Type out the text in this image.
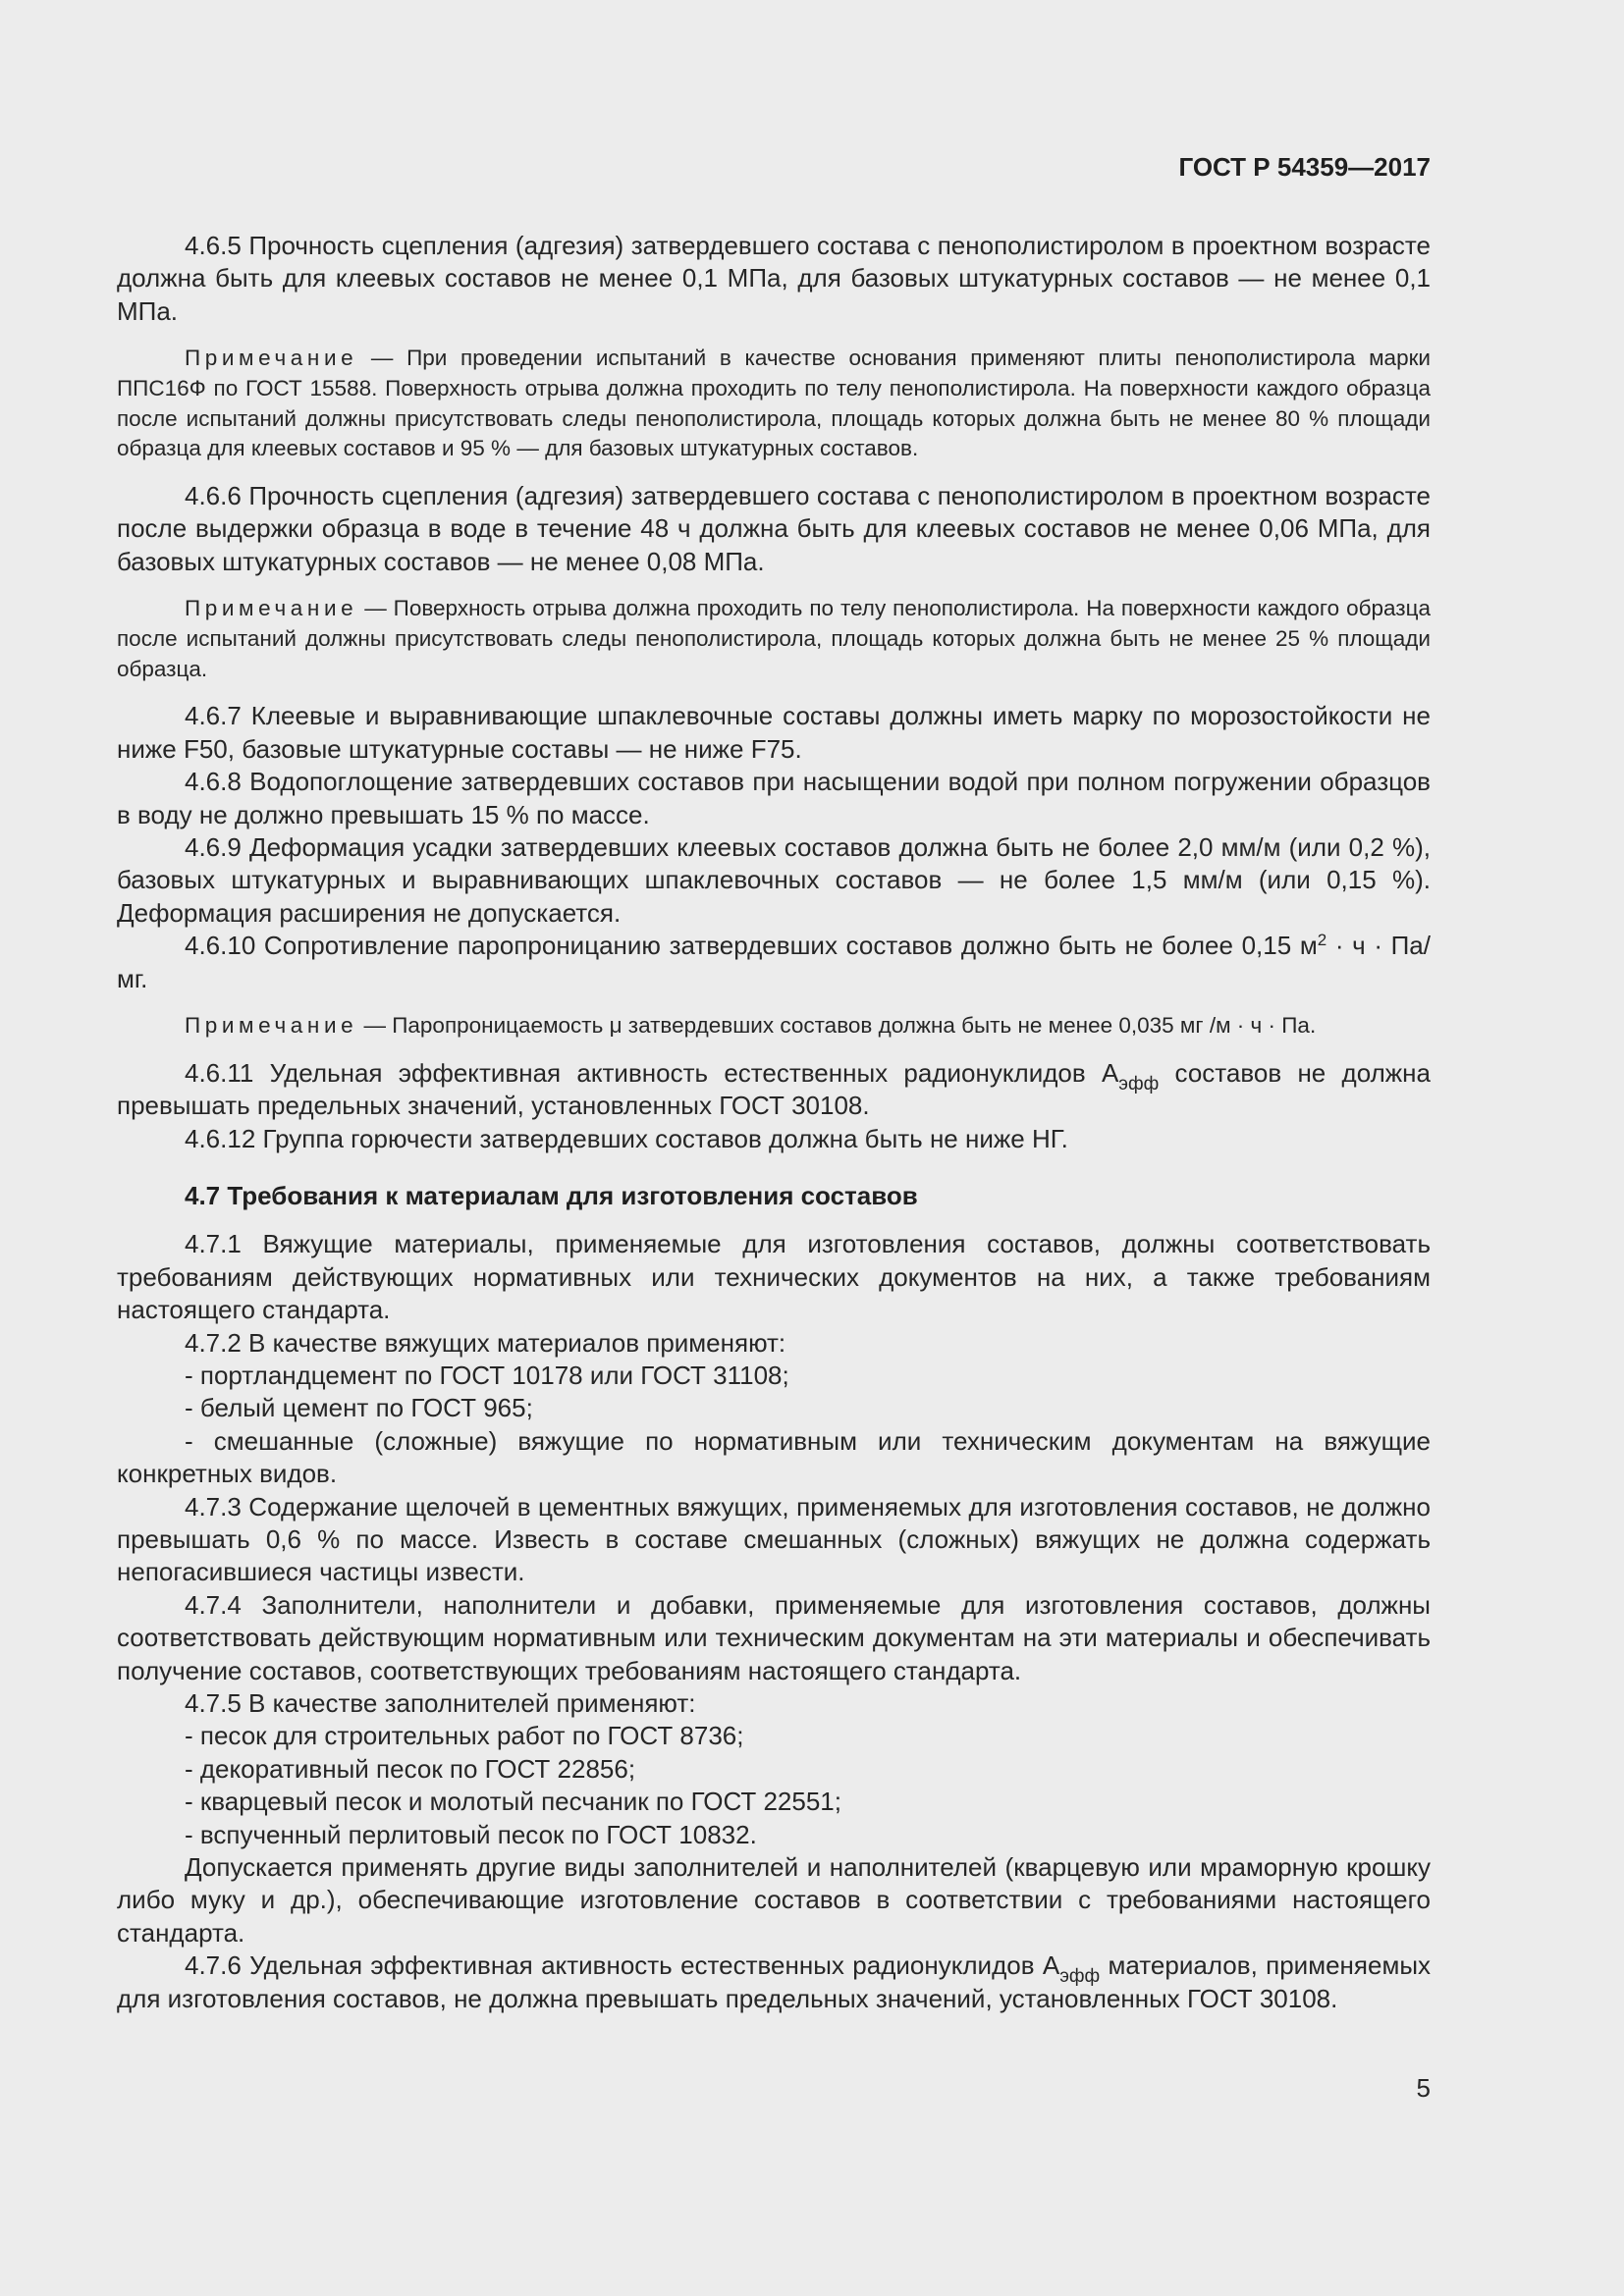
ГОСТ Р 54359—2017

4.6.5 Прочность сцепления (адгезия) затвердевшего состава с пенополистиролом в проектном возрасте должна быть для клеевых составов не менее 0,1 МПа, для базовых штукатурных составов — не менее 0,1 МПа.

Примечание — При проведении испытаний в качестве основания применяют плиты пенополистирола марки ППС16Ф по ГОСТ 15588. Поверхность отрыва должна проходить по телу пенополистирола. На поверхности каждого образца после испытаний должны присутствовать следы пенополистирола, площадь которых должна быть не менее 80 % площади образца для клеевых составов и 95 % — для базовых штукатурных составов.

4.6.6 Прочность сцепления (адгезия) затвердевшего состава с пенополистиролом в проектном возрасте после выдержки образца в воде в течение 48 ч должна быть для клеевых составов не менее 0,06 МПа, для базовых штукатурных составов — не менее 0,08 МПа.

Примечание — Поверхность отрыва должна проходить по телу пенополистирола. На поверхности каждого образца после испытаний должны присутствовать следы пенополистирола, площадь которых должна быть не менее 25 % площади образца.

4.6.7 Клеевые и выравнивающие шпаклевочные составы должны иметь марку по морозостойкости не ниже F50, базовые штукатурные составы — не ниже F75.

4.6.8 Водопоглощение затвердевших составов при насыщении водой при полном погружении образцов в воду не должно превышать 15 % по массе.

4.6.9 Деформация усадки затвердевших клеевых составов должна быть не более 2,0 мм/м (или 0,2 %), базовых штукатурных и выравнивающих шпаклевочных составов — не более 1,5 мм/м (или 0,15 %). Деформация расширения не допускается.

4.6.10 Сопротивление паропроницанию затвердевших составов должно быть не более 0,15 $м^2 \cdot ч \cdot Па/мг$.

Примечание — Паропроницаемость μ затвердевших составов должна быть не менее 0,035 мг /м · ч · Па.

4.6.11 Удельная эффективная активность естественных радионуклидов $А_{эфф}$ составов не должна превышать предельных значений, установленных ГОСТ 30108.

4.6.12 Группа горючести затвердевших составов должна быть не ниже НГ.

4.7 Требования к материалам для изготовления составов

4.7.1 Вяжущие материалы, применяемые для изготовления составов, должны соответствовать требованиям действующих нормативных или технических документов на них, а также требованиям настоящего стандарта.

4.7.2 В качестве вяжущих материалов применяют:

- портландцемент по ГОСТ 10178 или ГОСТ 31108;

- белый цемент по ГОСТ 965;

- смешанные (сложные) вяжущие по нормативным или техническим документам на вяжущие конкретных видов.

4.7.3 Содержание щелочей в цементных вяжущих, применяемых для изготовления составов, не должно превышать 0,6 % по массе. Известь в составе смешанных (сложных) вяжущих не должна содержать непогасившиеся частицы извести.

4.7.4 Заполнители, наполнители и добавки, применяемые для изготовления составов, должны соответствовать действующим нормативным или техническим документам на эти материалы и обеспечивать получение составов, соответствующих требованиям настоящего стандарта.

4.7.5 В качестве заполнителей применяют:

- песок для строительных работ по ГОСТ 8736;

- декоративный песок по ГОСТ 22856;

- кварцевый песок и молотый песчаник по ГОСТ 22551;

- вспученный перлитовый песок по ГОСТ 10832.

Допускается применять другие виды заполнителей и наполнителей (кварцевую или мраморную крошку либо муку и др.), обеспечивающие изготовление составов в соответствии с требованиями настоящего стандарта.

4.7.6 Удельная эффективная активность естественных радионуклидов $А_{эфф}$ материалов, применяемых для изготовления составов, не должна превышать предельных значений, установленных ГОСТ 30108.

5
